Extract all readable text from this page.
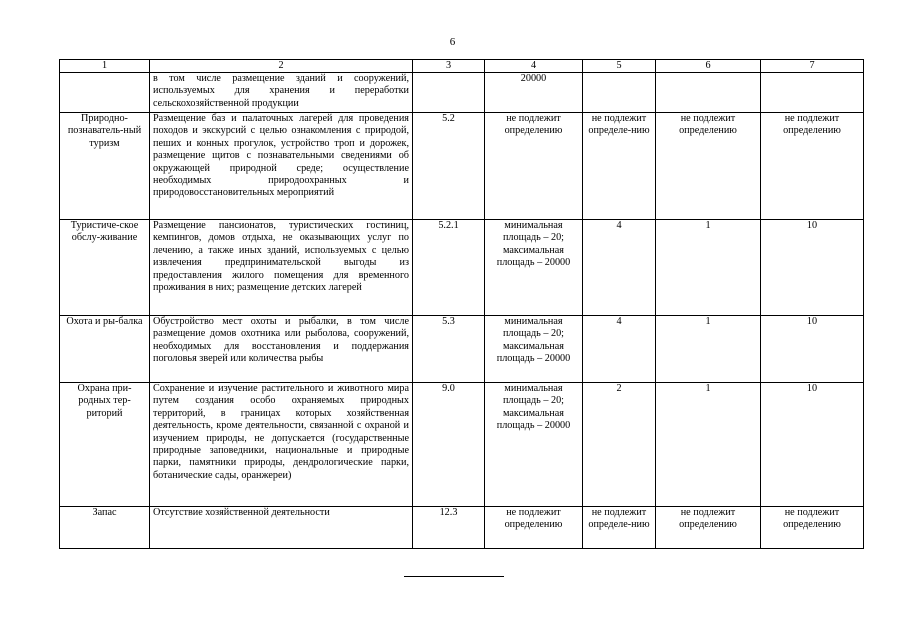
6
1	2	3	4	5	6	7
	в том числе размещение зданий и сооружений, используемых для хранения и переработки сельскохозяйственной продукции		20000			
Природно-познаватель-ный туризм	Размещение баз и палаточных лагерей для проведения походов и экскурсий с целью ознакомления с природой, пеших и конных прогулок, устройство троп и дорожек, размещение щитов с познавательными сведениями об окружающей природной среде; осуществление необходимых природоохранных и природовосстановительных мероприятий	5.2	не подлежит определению	не подлежит определе-нию	не подлежит определению	не подлежит определению
Туристиче-ское обслу-живание	Размещение пансионатов, туристических гостиниц, кемпингов, домов отдыха, не оказывающих услуг по лечению, а также иных зданий, используемых с целью извлечения предпринимательской выгоды из предоставления жилого помещения для временного проживания в них; размещение детских лагерей	5.2.1	минимальная площадь – 20; максимальная площадь – 20000	4	1	10
Охота и ры-балка	Обустройство мест охоты и рыбалки, в том числе размещение домов охотника или рыболова, сооружений, необходимых для восстановления и поддержания поголовья зверей или количества рыбы	5.3	минимальная площадь – 20; максимальная площадь – 20000	4	1	10
Охрана при-родных тер-риторий	Сохранение и изучение растительного и животного мира путем создания особо охраняемых природных территорий, в границах которых хозяйственная деятельность, кроме деятельности, связанной с охраной и изучением природы, не допускается (государственные природные заповедники, национальные и природные парки, памятники природы, дендрологические парки, ботанические сады, оранжереи)	9.0	минимальная площадь – 20; максимальная площадь – 20000	2	1	10
Запас	Отсутствие хозяйственной деятельности	12.3	не подлежит определению	не подлежит определе-нию	не подлежит определению	не подлежит определению
